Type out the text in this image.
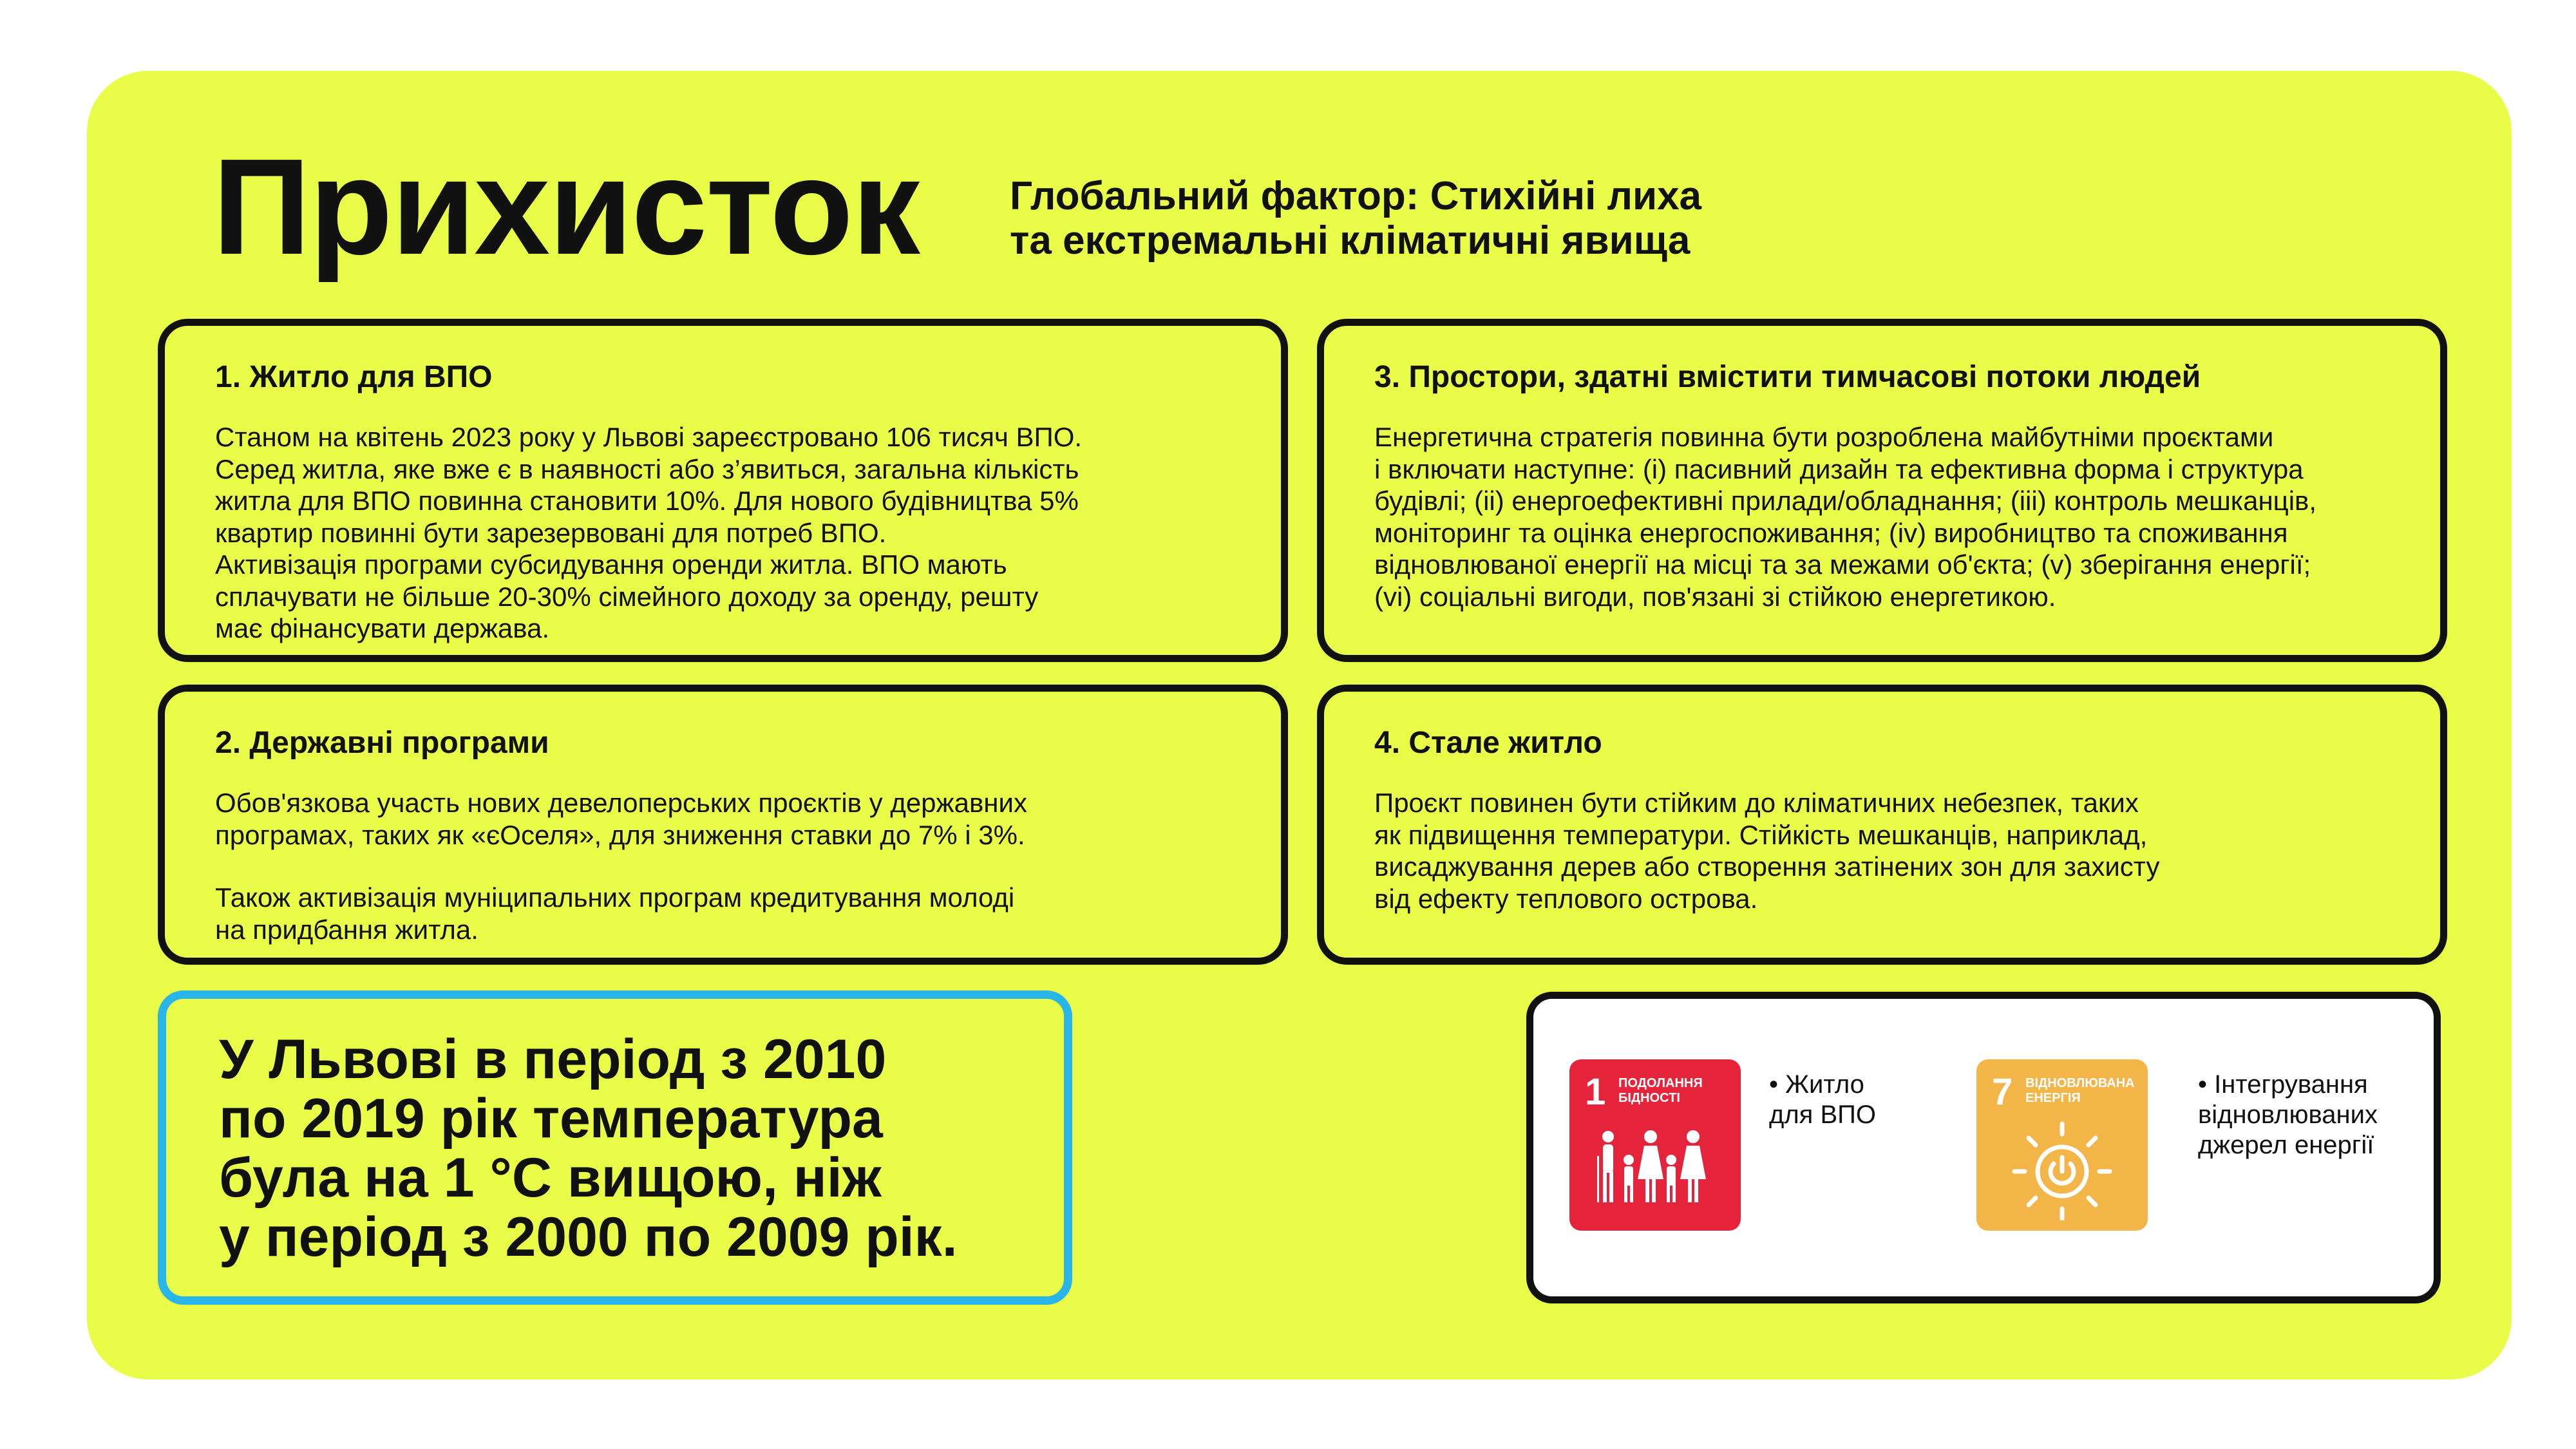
Прихисток Глобальний фактор: Стихійні лиха
та екстремальні кліматичні явища
1. Житло для ВПО

Станом на квітень 2023 року у Львові зареєстровано 106 тисяч ВПО.

Серед житла, яке вже є в наявності або з’явиться, загальна кількість

житла для ВПО повинна становити 10%. Для нового будівництва 5%

квартир повинні бути зарезервовані для потреб ВПО.

Активізація програми субсидування оренди житла. ВПО мають

сплачувати не більше 20-30% сімейного доходу за оренду, решту

має фінансувати держава.

2. Державні програми

Обов'язкова участь нових девелоперських проєктів у державних

програмах, таких як «єОселя», для зниження ставки до 7% і 3%.

Також активізація муніципальних програм кредитування молоді

на придбання житла.

3. Простори, здатні вмістити тимчасові потоки людей

Енергетична стратегія повинна бути розроблена майбутніми проєктами

і включати наступне: (i) пасивний дизайн та ефективна форма і структура

будівлі; (ii) енергоефективні прилади/обладнання; (iii) контроль мешканців,

моніторинг та оцінка енергоспоживання; (iv) виробництво та споживання

відновлюваної енергії на місці та за межами об'єкта; (v) зберігання енергії;

(vi) соціальні вигоди, пов'язані зі стійкою енергетикою.

4. Стале житло

Проєкт повинен бути стійким до кліматичних небезпек, таких

як підвищення температури. Стійкість мешканців, наприклад,

висаджування дерев або створення затінених зон для захисту

від ефекту теплового острова.

У Львові в період з 2010
по 2019 рік температура
була на 1 °С вищою, ніж
у період з 2000 по 2009 рік.
1 ПОДОЛАННЯ
БІДНОСТІ	• Житло
для ВПО
7 ВІДНОВЛЮВАНА
ЕНЕРГІЯ	• Інтегрування
відновлюваних
джерел енергії
